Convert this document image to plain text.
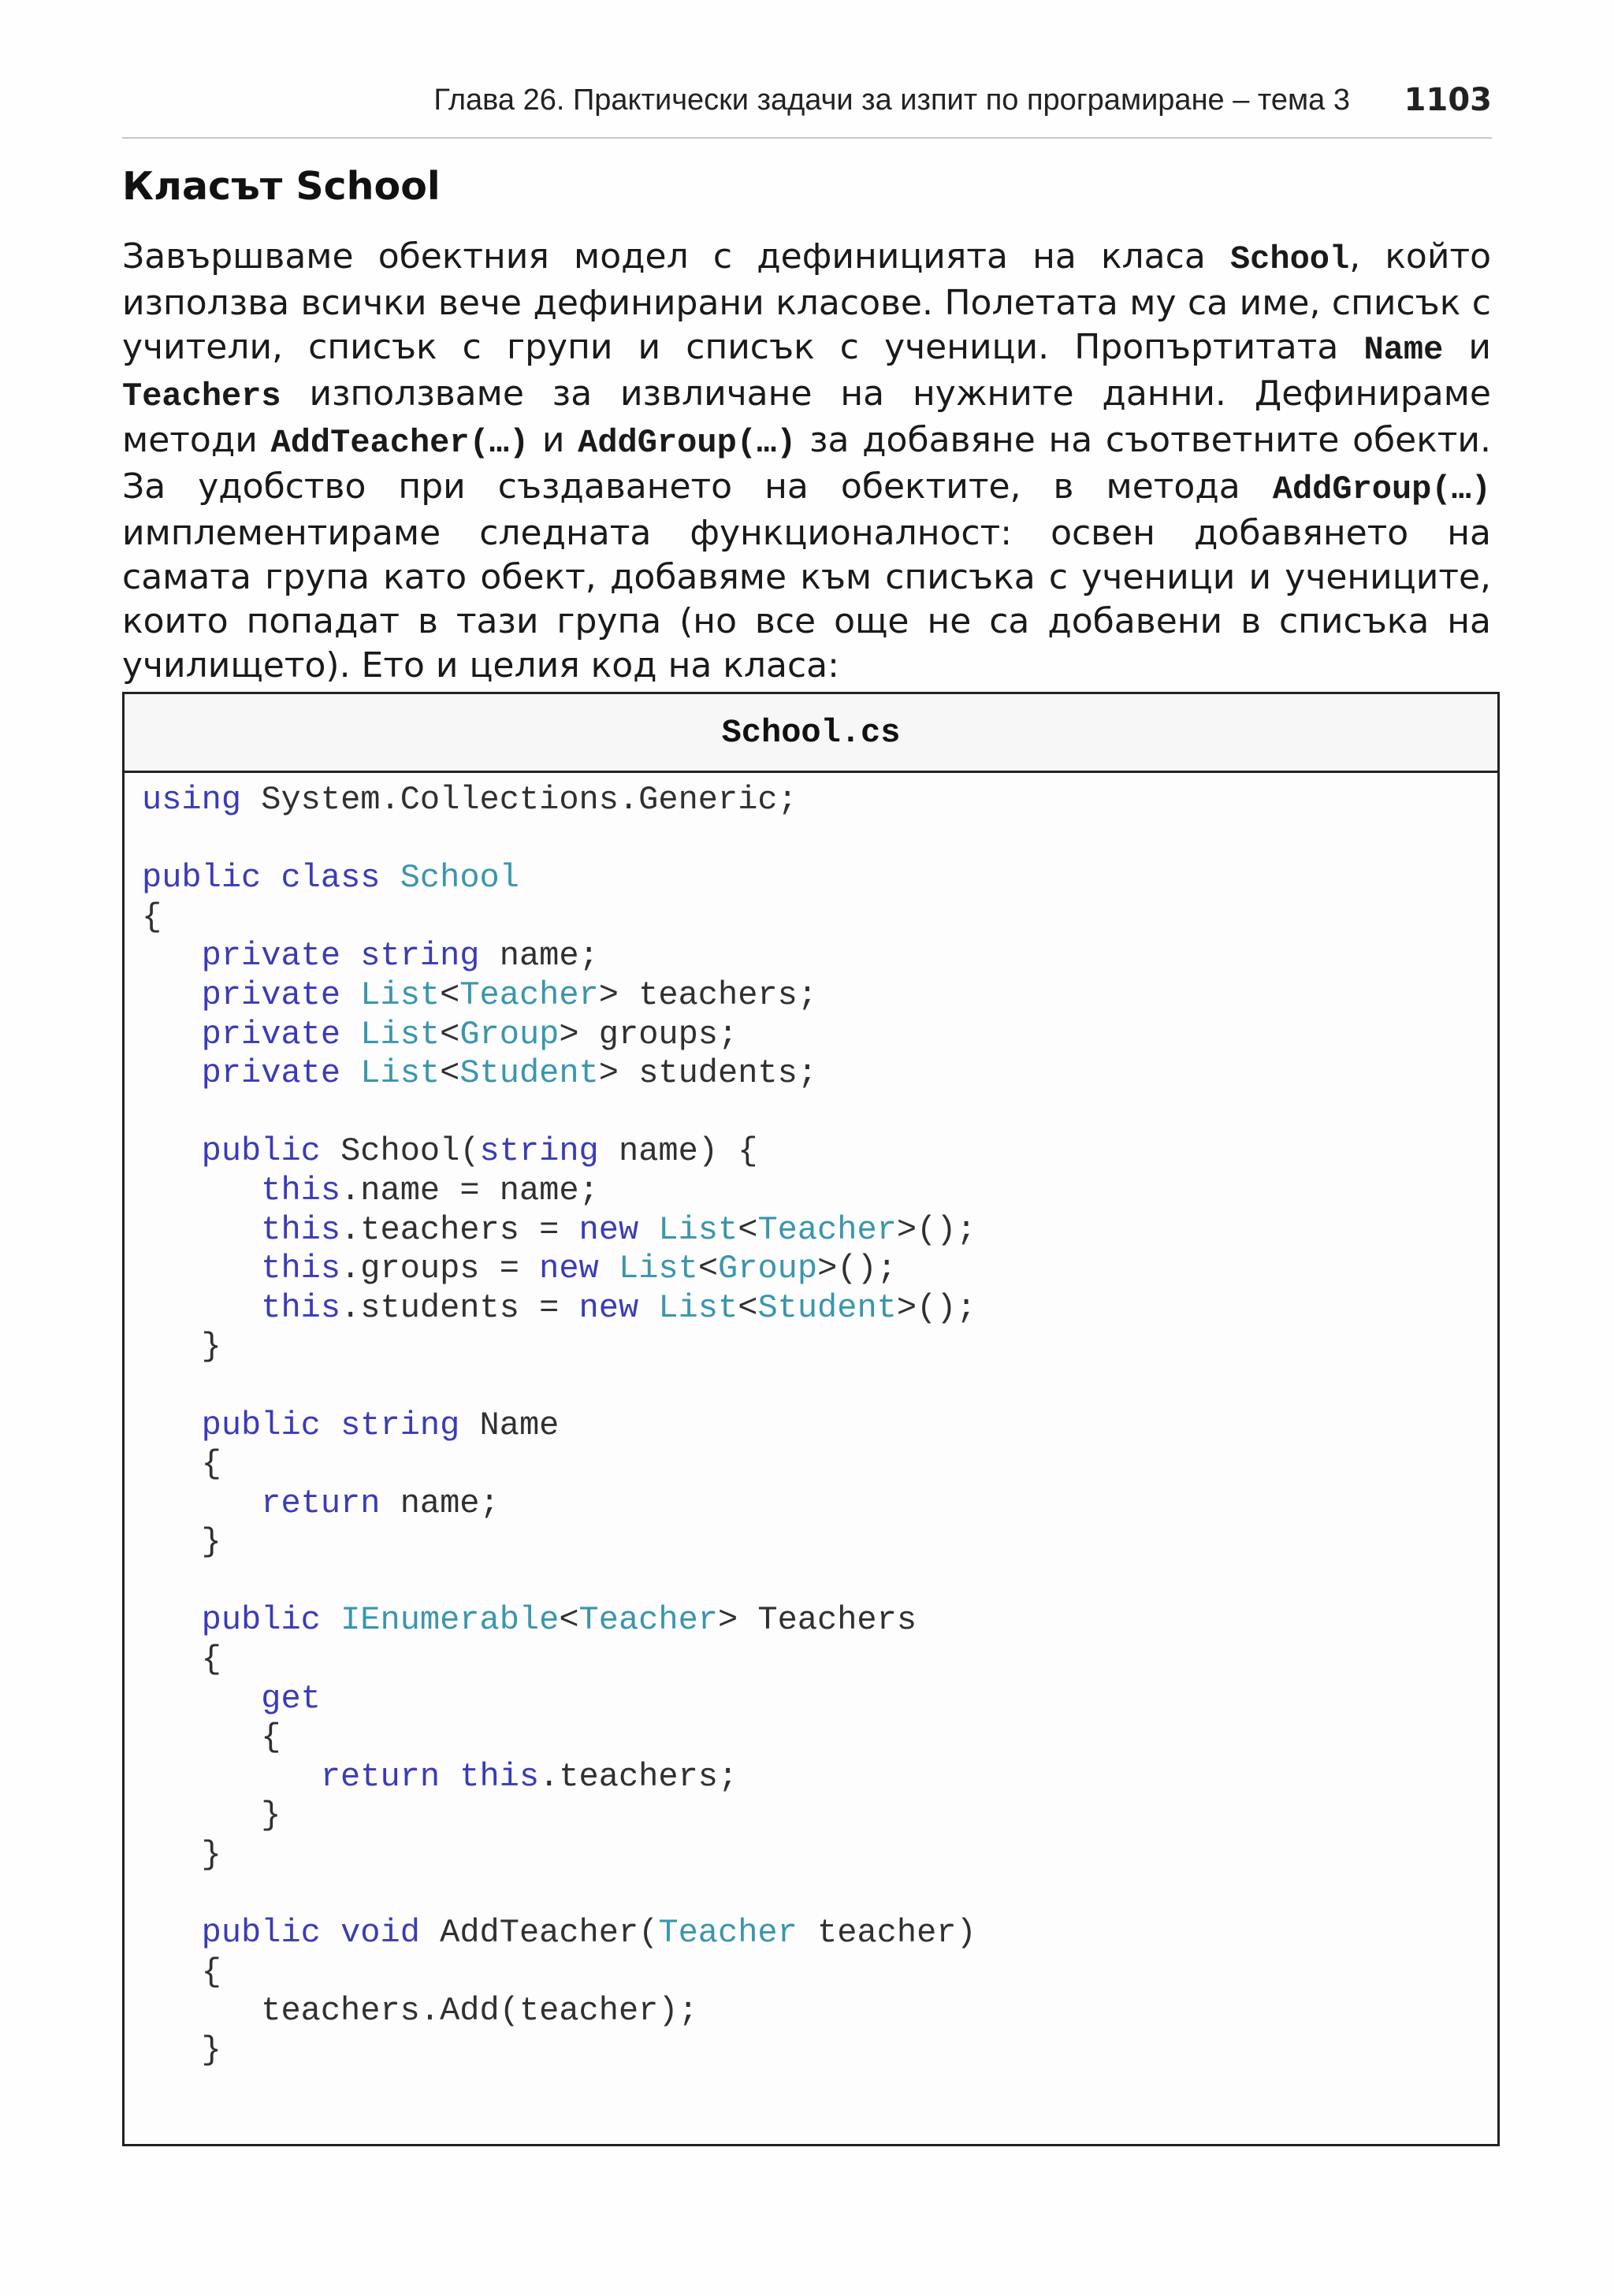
Глава 26. Практически задачи за изпит по програмиране – тема 3 1103
Класът School

Завършваме обектния модел с дефиницията на класа School, който използва всички вече дефинирани класове. Полетата му са име, списък с учители, списък с групи и списък с ученици. Пропъртитата Name и Teachers използваме за извличане на нужните данни. Дефинираме методи AddTeacher(…) и AddGroup(…) за добавяне на съответните обекти. За удобство при създаването на обектите, в метода AddGroup(…) имплементираме следната функционалност: освен добавянето на самата група като обект, добавяме към списъка с ученици и учениците, които попадат в тази група (но все още не са добавени в списъка на училището). Ето и целия код на класа:

School.cs
using System.Collections.Generic;

public class School
{
private string name;
private List<Teacher> teachers;
private List<Group> groups;
private List<Student> students;

public School(string name) {
this.name = name;
this.teachers = new List<Teacher>();
this.groups = new List<Group>();
this.students = new List<Student>();
}

public string Name
{
return name;
}

public IEnumerable<Teacher> Teachers
{
get
{
return this.teachers;
}
}

public void AddTeacher(Teacher teacher)
{
teachers.Add(teacher);
}
